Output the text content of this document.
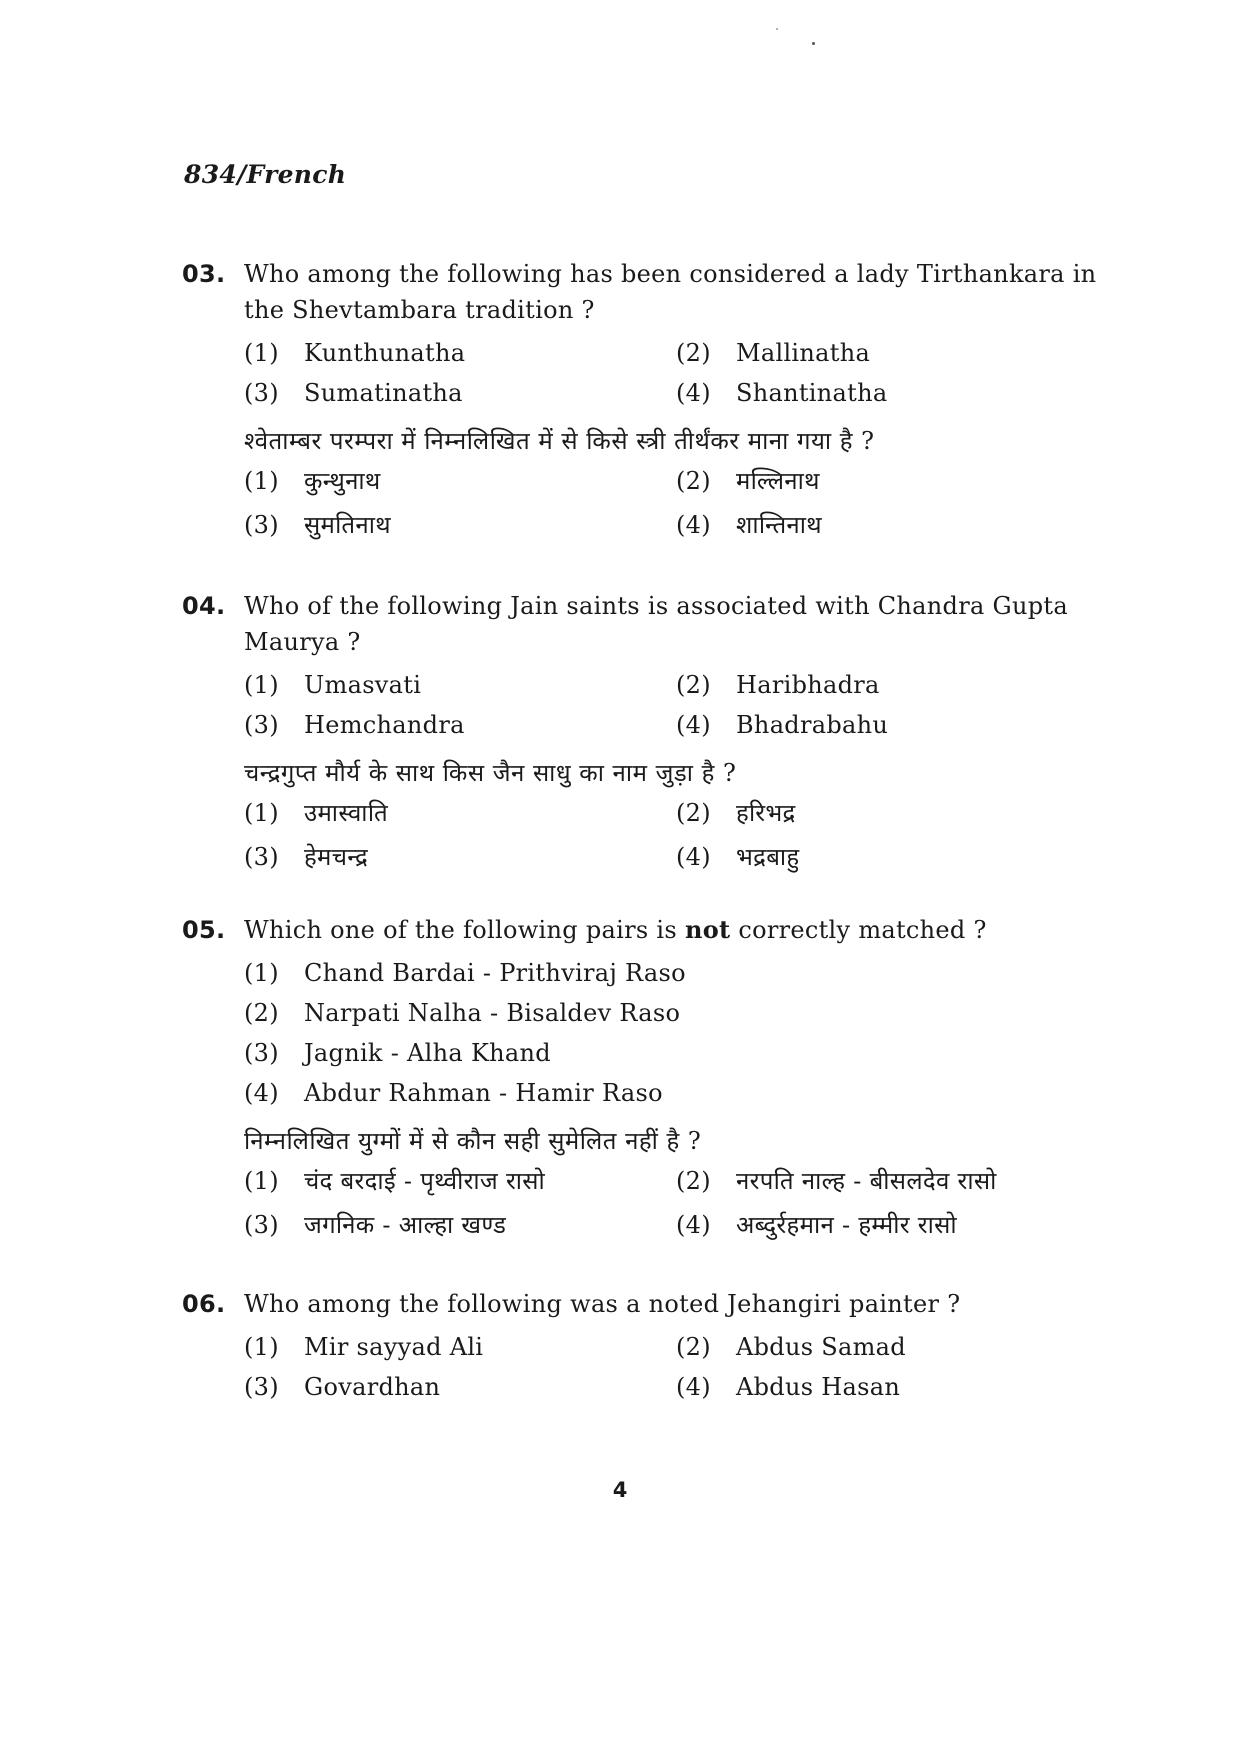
834/French
03. Who among the following has been considered a lady Tirthankara in the Shevtambara tradition ?
(1)	Kunthunatha	(2)	Mallinatha
(3)	Sumatinatha	(4)	Shantinatha
श्वेताम्बर परम्परा में निम्नलिखित में से किसे स्त्री तीर्थंकर माना गया है ?
(1)	कुन्थुनाथ	(2)	मल्लिनाथ
(3)	सुमतिनाथ	(4)	शान्तिनाथ
04. Who of the following Jain saints is associated with Chandra Gupta Maurya ?
(1)	Umasvati	(2)	Haribhadra
(3)	Hemchandra	(4)	Bhadrabahu
चन्द्रगुप्त मौर्य के साथ किस जैन साधु का नाम जुड़ा है ?
(1)	उमास्वाति	(2)	हरिभद्र
(3)	हेमचन्द्र	(4)	भद्रबाहु
05. Which one of the following pairs is not correctly matched ?
(1)	Chand Bardai - Prithviraj Raso
(2)	Narpati Nalha - Bisaldev Raso
(3)	Jagnik - Alha Khand
(4)	Abdur Rahman - Hamir Raso
निम्नलिखित युग्मों में से कौन सही सुमेलित नहीं है ?
(1)	चंद बरदाई - पृथ्वीराज रासो	(2)	नरपति नाल्ह - बीसलदेव रासो
(3)	जगनिक - आल्हा खण्ड	(4)	अब्दुर्रहमान - हम्मीर रासो
06. Who among the following was a noted Jehangiri painter ?
(1)	Mir sayyad Ali	(2)	Abdus Samad
(3)	Govardhan	(4)	Abdus Hasan
4
